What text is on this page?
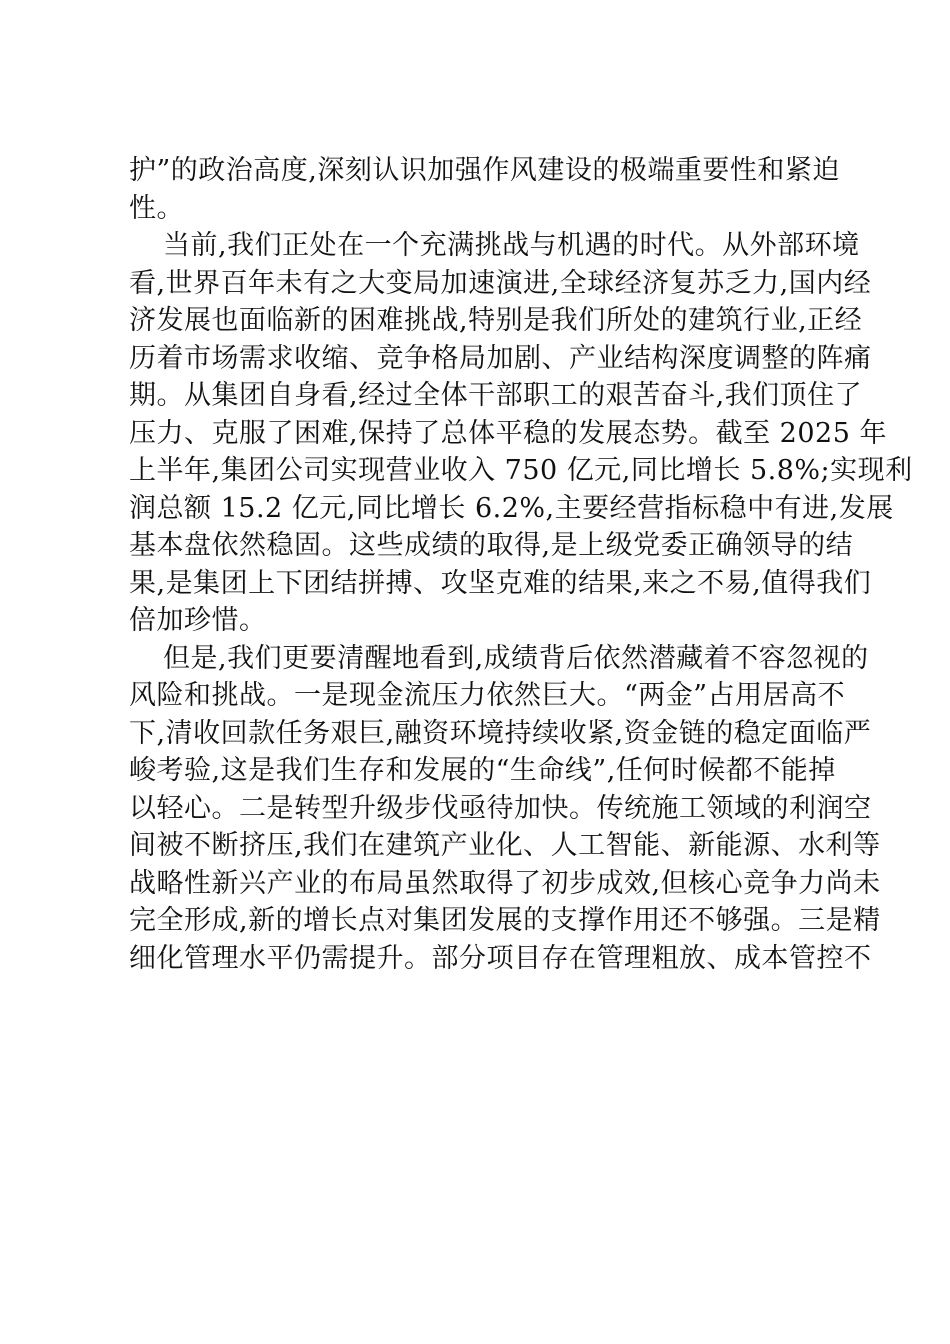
护”的政治高度,深刻认识加强作风建设的极端重要性和紧迫
性。
当前,我们正处在一个充满挑战与机遇的时代。从外部环境
看,世界百年未有之大变局加速演进,全球经济复苏乏力,国内经
济发展也面临新的困难挑战,特别是我们所处的建筑行业,正经
历着市场需求收缩、竞争格局加剧、产业结构深度调整的阵痛
期。从集团自身看,经过全体干部职工的艰苦奋斗,我们顶住了
压力、克服了困难,保持了总体平稳的发展态势。截至 2025 年
上半年,集团公司实现营业收入 750 亿元,同比增长 5.8%;实现利
润总额 15.2 亿元,同比增长 6.2%,主要经营指标稳中有进,发展
基本盘依然稳固。这些成绩的取得,是上级党委正确领导的结
果,是集团上下团结拼搏、攻坚克难的结果,来之不易,值得我们
倍加珍惜。
但是,我们更要清醒地看到,成绩背后依然潜藏着不容忽视的
风险和挑战。一是现金流压力依然巨大。“两金”占用居高不
下,清收回款任务艰巨,融资环境持续收紧,资金链的稳定面临严
峻考验,这是我们生存和发展的“生命线”,任何时候都不能掉
以轻心。二是转型升级步伐亟待加快。传统施工领域的利润空
间被不断挤压,我们在建筑产业化、人工智能、新能源、水利等
战略性新兴产业的布局虽然取得了初步成效,但核心竞争力尚未
完全形成,新的增长点对集团发展的支撑作用还不够强。三是精
细化管理水平仍需提升。部分项目存在管理粗放、成本管控不
